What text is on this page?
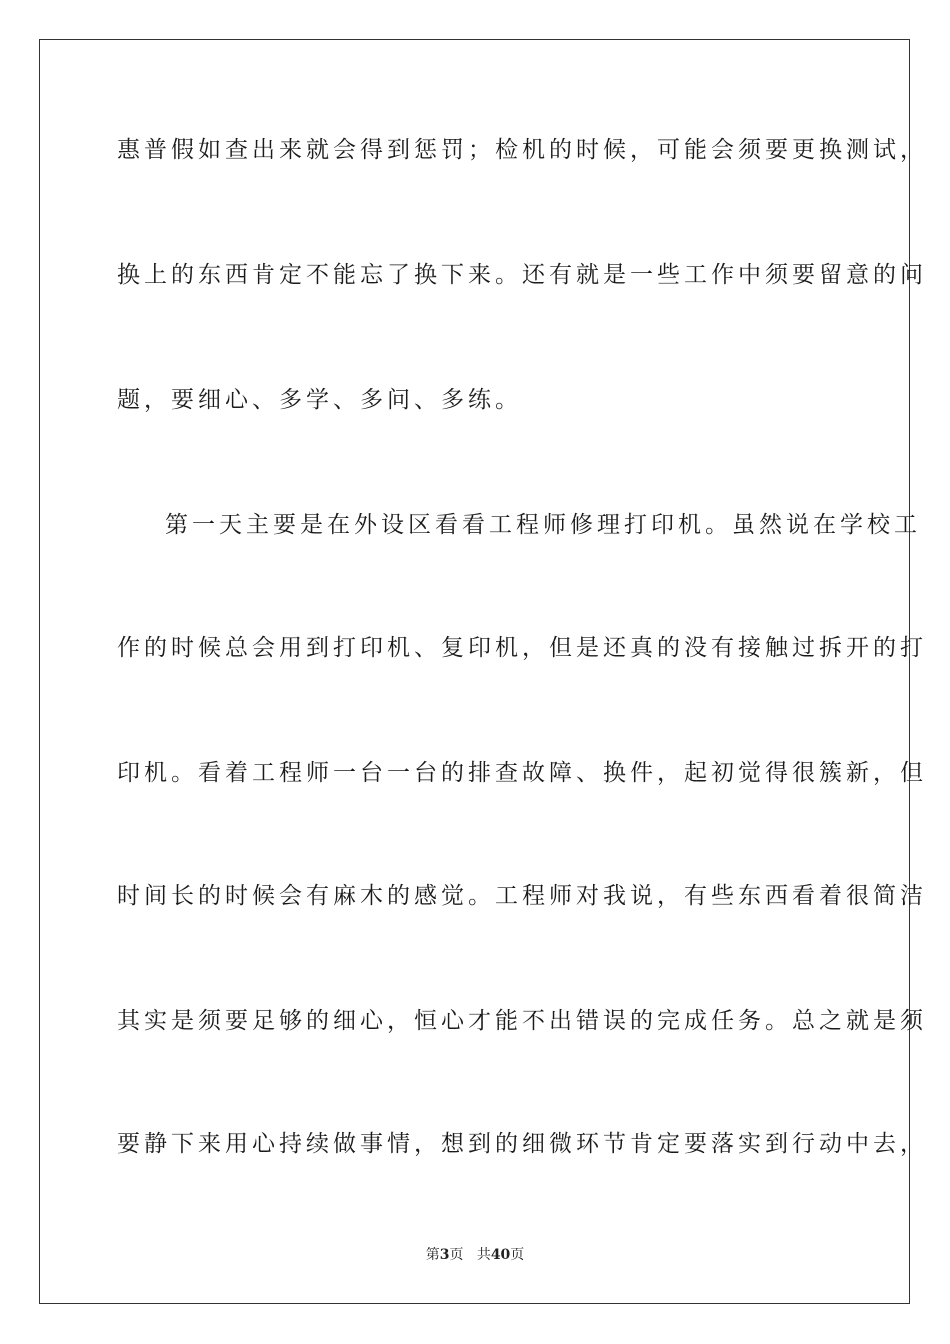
惠普假如查出来就会得到惩罚；检机的时候，可能会须要更换测试，
换上的东西肯定不能忘了换下来。还有就是一些工作中须要留意的问
题，要细心、多学、多问、多练。
第一天主要是在外设区看看工程师修理打印机。虽然说在学校工
作的时候总会用到打印机、复印机，但是还真的没有接触过拆开的打
印机。看着工程师一台一台的排查故障、换件，起初觉得很簇新，但
时间长的时候会有麻木的感觉。工程师对我说，有些东西看着很简洁
其实是须要足够的细心，恒心才能不出错误的完成任务。总之就是须
要静下来用心持续做事情，想到的细微环节肯定要落实到行动中去，
第3页 共40页
